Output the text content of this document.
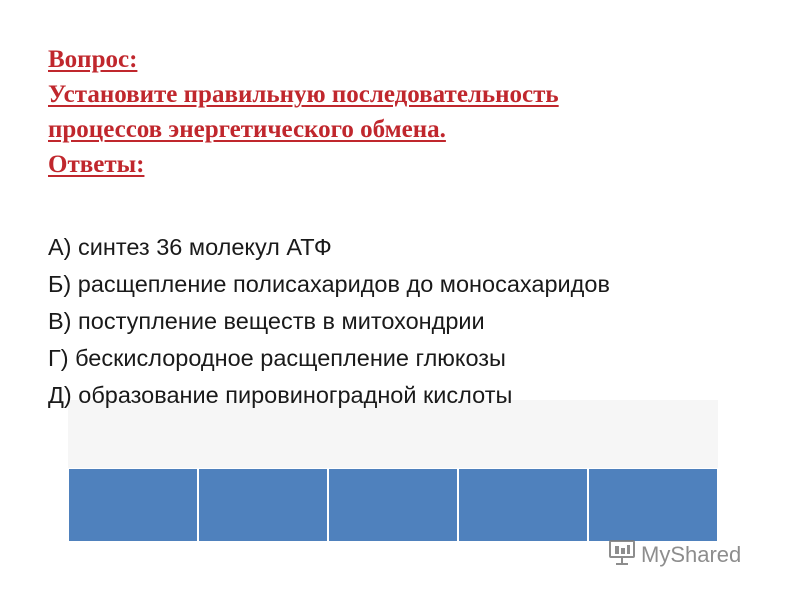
Вопрос:
Установите правильную последовательность
процессов энергетического обмена.
Ответы:
А) синтез 36 молекул АТФ
Б) расщепление полисахаридов до моносахаридов
В) поступление веществ в митохондрии
Г) бескислородное расщепление глюкозы
Д) образование пировиноградной кислоты
MyShared
